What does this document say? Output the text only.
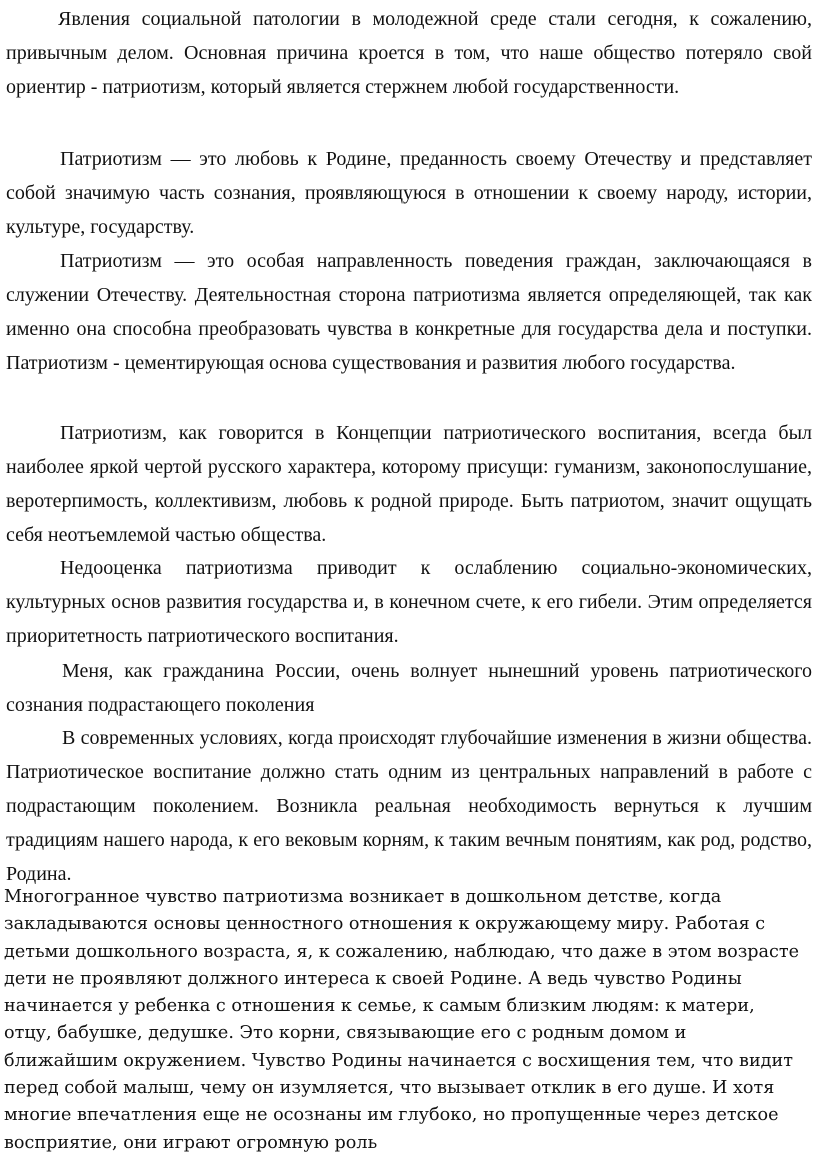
Явления социальной патологии в молодежной среде стали сегодня, к сожалению, привычным делом. Основная причина кроется в том, что наше общество потеряло свой ориентир - патриотизм, который является стержнем любой государственности.

Патриотизм — это любовь к Родине, преданность своему Отечеству и представляет собой значимую часть сознания, проявляющуюся в отношении к своему народу, истории, культуре, государству.

Патриотизм — это особая направленность поведения граждан, заключающаяся в служении Отечеству. Деятельностная сторона патриотизма является определяющей, так как именно она способна преобразовать чувства в конкретные для государства дела и поступки. Патриотизм - цементирующая основа существования и развития любого государства.

Патриотизм, как говорится в Концепции патриотического воспитания, всегда был наиболее яркой чертой русского характера, которому присущи: гуманизм, законопослушание, веротерпимость, коллективизм, любовь к родной природе. Быть патриотом, значит ощущать себя неотъемлемой частью общества.

Недооценка патриотизма приводит к ослаблению социально-экономических, культурных основ развития государства и, в конечном счете, к его гибели. Этим определяется приоритетность патриотического воспитания.

Меня, как гражданина России, очень волнует нынешний уровень патриотического сознания подрастающего поколения

В современных условиях, когда происходят глубочайшие изменения в жизни общества. Патриотическое воспитание должно стать одним из центральных направлений в работе с подрастающим поколением. Возникла реальная необходимость вернуться к лучшим традициям нашего народа, к его вековым корням, к таким вечным понятиям, как род, родство, Родина.

Многогранное чувство патриотизма возникает в дошкольном детстве, когда закладываются основы ценностного отношения к окружающему миру. Работая с детьми дошкольного возраста, я, к сожалению, наблюдаю, что даже в этом возрасте дети не проявляют должного интереса к своей Родине. А ведь чувство Родины начинается у ребенка с отношения к семье, к самым близким людям: к матери, отцу, бабушке, дедушке. Это корни, связывающие его с родным домом и ближайшим окружением. Чувство Родины начинается с восхищения тем, что видит перед собой малыш, чему он изумляется, что вызывает отклик в его душе. И хотя многие впечатления еще не осознаны им глубоко, но пропущенные через детское восприятие, они играют огромную роль
